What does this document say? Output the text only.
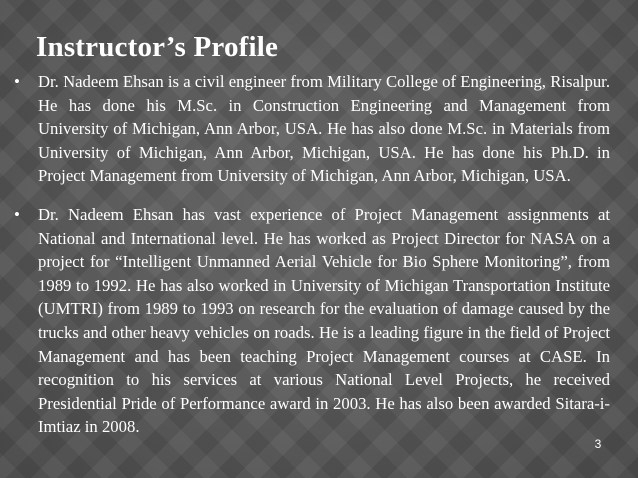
Instructor’s Profile
•	Dr. Nadeem Ehsan is a civil engineer from Military College of Engineering, Risalpur. He has done his M.Sc. in Construction Engineering and Management from University of Michigan, Ann Arbor, USA. He has also done M.Sc. in Materials from University of Michigan, Ann Arbor, Michigan, USA. He has done his Ph.D. in Project Management from University of Michigan, Ann Arbor, Michigan, USA.
•	Dr. Nadeem Ehsan has vast experience of Project Management assignments at National and International level. He has worked as Project Director for NASA on a project for “Intelligent Unmanned Aerial Vehicle for Bio Sphere Monitoring”, from 1989 to 1992. He has also worked in University of Michigan Transportation Institute (UMTRI) from 1989 to 1993 on research for the evaluation of damage caused by the trucks and other heavy vehicles on roads. He is a leading figure in the field of Project Management and has been teaching Project Management courses at CASE. In recognition to his services at various National Level Projects, he received Presidential Pride of Performance award in 2003. He has also been awarded Sitara-i-Imtiaz in 2008.
3
